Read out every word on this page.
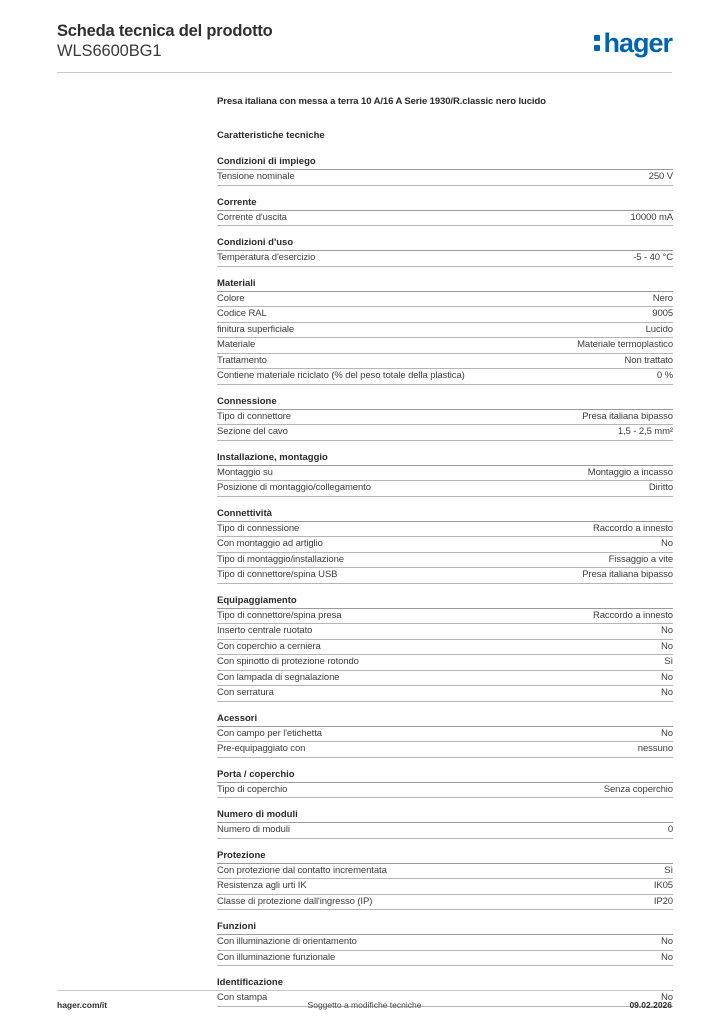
Scheda tecnica del prodotto
WLS6600BG1	hager
Presa italiana con messa a terra 10 A/16 A Serie 1930/R.classic nero lucido
Caratteristiche tecniche
Condizioni di impiego
Tensione nominale	250 V
Corrente
Corrente d'uscita	10000 mA
Condizioni d'uso
Temperatura d'esercizio	-5 - 40 °C
Materiali
Colore	Nero
Codice RAL	9005
finitura superficiale	Lucido
Materiale	Materiale termoplastico
Trattamento	Non trattato
Contiene materiale riciclato (% del peso totale della plastica)	0 %
Connessione
Tipo di connettore	Presa italiana bipasso
Sezione del cavo	1,5 - 2,5 mm²
Installazione, montaggio
Montaggio su	Montaggio a incasso
Posizione di montaggio/collegamento	Diritto
Connettività
Tipo di connessione	Raccordo a innesto
Con montaggio ad artiglio	No
Tipo di montaggio/installazione	Fissaggio a vite
Tipo di connettore/spina USB	Presa italiana bipasso
Equipaggiamento
Tipo di connettore/spina presa	Raccordo a innesto
Inserto centrale ruotato	No
Con coperchio a cerniera	No
Con spinotto di protezione rotondo	Sì
Con lampada di segnalazione	No
Con serratura	No
Acessori
Con campo per l'etichetta	No
Pre-equipaggiato con	nessuno
Porta / coperchio
Tipo di coperchio	Senza coperchio
Numero di moduli
Numero di moduli	0
Protezione
Con protezione dal contatto incrementata	Sì
Resistenza agli urti IK	IK05
Classe di protezione dall'ingresso (IP)	IP20
Funzioni
Con illuminazione di orientamento	No
Con illuminazione funzionale	No
Identificazione
Con stampa	No
hager.com/it	Soggetto a modifiche tecniche	09.02.2026
